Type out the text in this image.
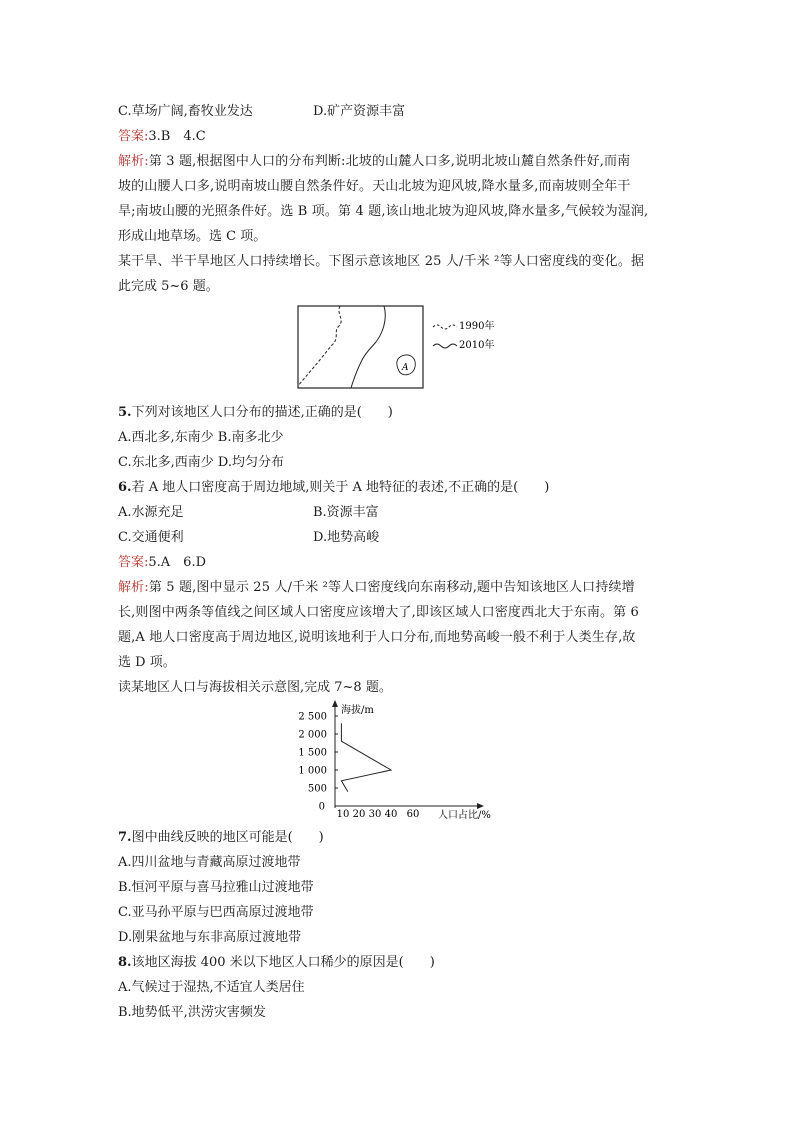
C.草场广阔,畜牧业发达	D.矿产资源丰富
答案:3.B　4.C
解析:第 3 题,根据图中人口的分布判断:北坡的山麓人口多,说明北坡山麓自然条件好,而南
坡的山腰人口多,说明南坡山腰自然条件好。天山北坡为迎风坡,降水量多,而南坡则全年干
旱;南坡山腰的光照条件好。选 B 项。第 4 题,该山地北坡为迎风坡,降水量多,气候较为湿润,
形成山地草场。选 C 项。
某干旱、半干旱地区人口持续增长。下图示意该地区 25 人/千米 ²等人口密度线的变化。据
此完成 5~6 题。
A
1990年
2010年
5.下列对该地区人口分布的描述,正确的是(　　)
A.西北多,东南少 B.南多北少
C.东北多,西南少 D.均匀分布
6.若 A 地人口密度高于周边地域,则关于 A 地特征的表述,不正确的是(　　)
A.水源充足	B.资源丰富
C.交通便利	D.地势高峻
答案:5.A　6.D
解析:第 5 题,图中显示 25 人/千米 ²等人口密度线向东南移动,题中告知该地区人口持续增
长,则图中两条等值线之间区域人口密度应该增大了,即该区域人口密度西北大于东南。第 6
题,A 地人口密度高于周边地区,说明该地利于人口分布,而地势高峻一般不利于人类生存,故
选 D 项。
读某地区人口与海拔相关示意图,完成 7~8 题。
海拔/m
人口占比/%
0
500
1 000
1 500
2 000
2 500
10 20 30 40 60
7.图中曲线反映的地区可能是(　　)
A.四川盆地与青藏高原过渡地带
B.恒河平原与喜马拉雅山过渡地带
C.亚马孙平原与巴西高原过渡地带
D.刚果盆地与东非高原过渡地带
8.该地区海拔 400 米以下地区人口稀少的原因是(　　)
A.气候过于湿热,不适宜人类居住
B.地势低平,洪涝灾害频发
